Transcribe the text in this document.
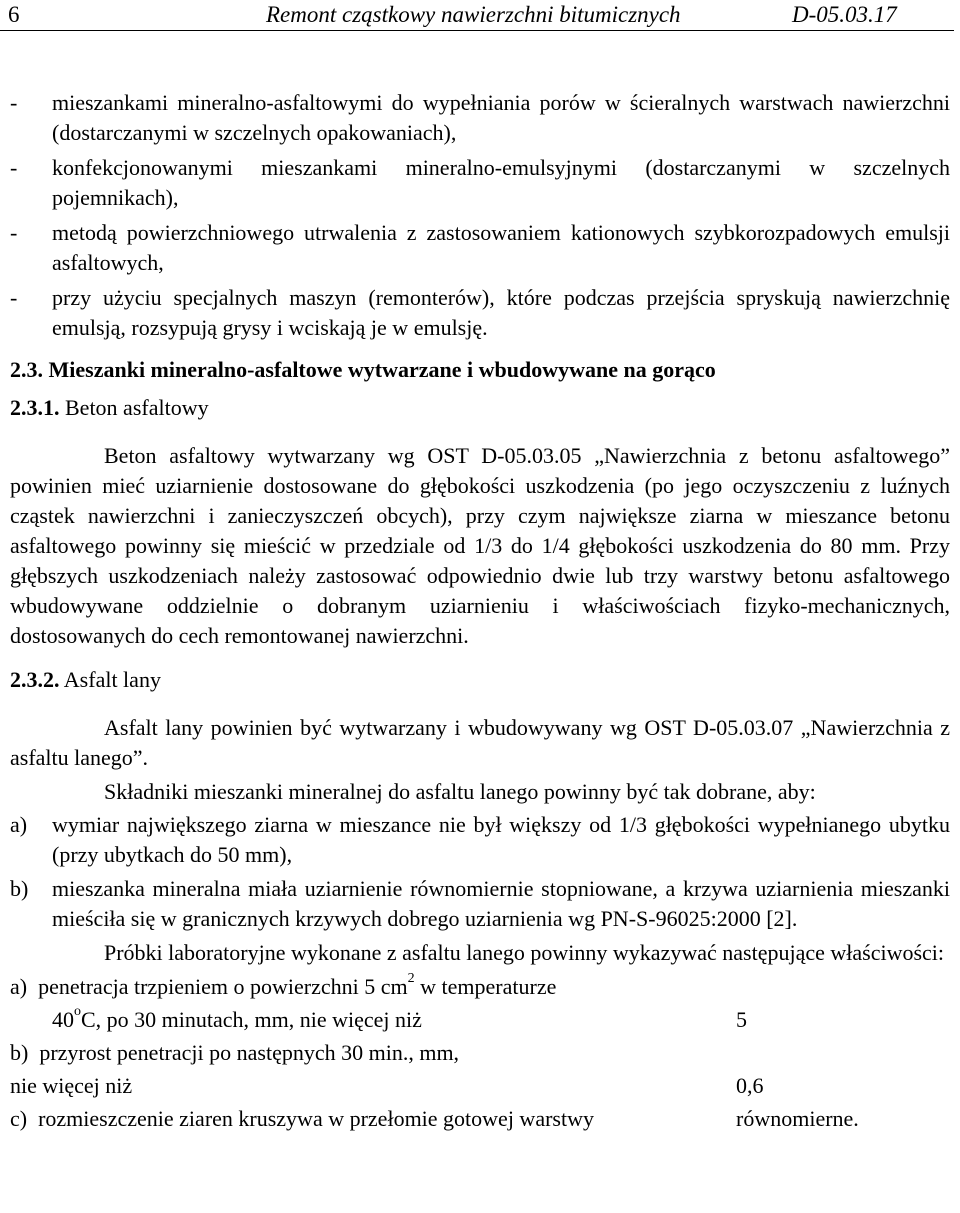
6	Remont cząstkowy nawierzchni bitumicznych	D-05.03.17
- mieszankami mineralno-asfaltowymi do wypełniania porów w ścieralnych warstwach nawierzchni (dostarczanymi w szczelnych opakowaniach),
- konfekcjonowanymi mieszankami mineralno-emulsyjnymi (dostarczanymi w szczelnych pojemnikach),
- metodą powierzchniowego utrwalenia z zastosowaniem kationowych szybkorozpadowych emulsji asfaltowych,
- przy użyciu specjalnych maszyn (remonterów), które podczas przejścia spryskują nawierzchnię emulsją, rozsypują grysy i wciskają je w emulsję.
2.3. Mieszanki mineralno-asfaltowe wytwarzane i wbudowywane na gorąco
2.3.1. Beton asfaltowy
Beton asfaltowy wytwarzany wg OST D-05.03.05 „Nawierzchnia z betonu asfaltowego” powinien mieć uziarnienie dostosowane do głębokości uszkodzenia (po jego oczyszczeniu z luźnych cząstek nawierzchni i zanieczyszczeń obcych), przy czym największe ziarna w mieszance betonu asfaltowego powinny się mieścić w przedziale od 1/3 do 1/4 głębokości uszkodzenia do 80 mm. Przy głębszych uszkodzeniach należy zastosować odpowiednio dwie lub trzy warstwy betonu asfaltowego wbudowywane oddzielnie o dobranym uziarnieniu i właściwościach fizyko-mechanicznych, dostosowanych do cech remontowanej nawierzchni.
2.3.2. Asfalt lany
Asfalt lany powinien być wytwarzany i wbudowywany wg OST D-05.03.07 „Nawierzchnia z asfaltu lanego”.
Składniki mieszanki mineralnej do asfaltu lanego powinny być tak dobrane, aby:
a) wymiar największego ziarna w mieszance nie był większy od 1/3 głębokości wypełnianego ubytku (przy ubytkach do 50 mm),
b) mieszanka mineralna miała uziarnienie równomiernie stopniowane, a krzywa uziarnienia mieszanki mieściła się w granicznych krzywych dobrego uziarnienia wg PN-S-96025:2000 [2].
Próbki laboratoryjne wykonane z asfaltu lanego powinny wykazywać następujące właściwości:
a) penetracja trzpieniem o powierzchni 5 $cm^2$ w temperaturze
40$^o$C, po 30 minutach, mm, nie więcej niż	5
b) przyrost penetracji po następnych 30 min., mm,
nie więcej niż	0,6
c) rozmieszczenie ziaren kruszywa w przełomie gotowej warstwy	równomierne.
